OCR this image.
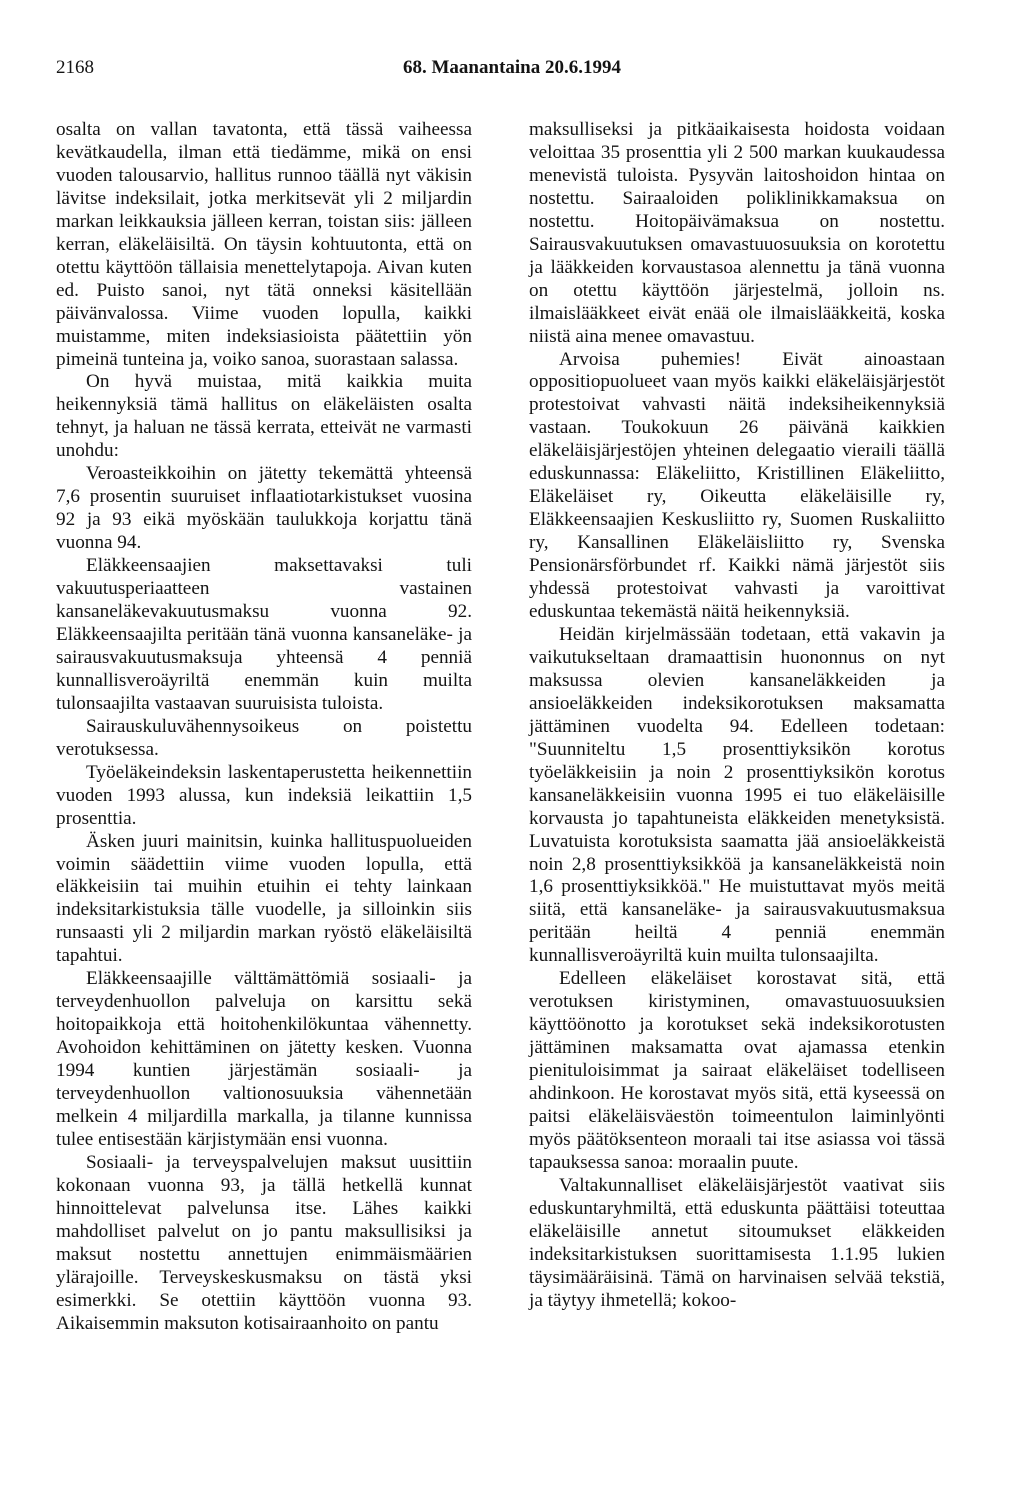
2168	68. Maanantaina 20.6.1994

osalta on vallan tavatonta, että tässä vaiheessa kevätkaudella, ilman että tiedämme, mikä on ensi vuoden talousarvio, hallitus runnoo täällä nyt väkisin lävitse indeksilait, jotka merkitsevät yli 2 miljardin markan leikkauksia jälleen kerran, toistan siis: jälleen kerran, eläkeläisiltä. On täysin kohtuutonta, että on otettu käyttöön tällaisia menettelytapoja. Aivan kuten ed. Puisto sanoi, nyt tätä onneksi käsitellään päivänvalossa. Viime vuoden lopulla, kaikki muistamme, miten indeksiasioista päätettiin yön pimeinä tunteina ja, voiko sanoa, suorastaan salassa.

On hyvä muistaa, mitä kaikkia muita heikennyksiä tämä hallitus on eläkeläisten osalta tehnyt, ja haluan ne tässä kerrata, etteivät ne varmasti unohdu:

Veroasteikkoihin on jätetty tekemättä yhteensä 7,6 prosentin suuruiset inflaatiotarkistukset vuosina 92 ja 93 eikä myöskään taulukkoja korjattu tänä vuonna 94.

Eläkkeensaajien maksettavaksi tuli vakuutusperiaatteen vastainen kansaneläkevakuutusmaksu vuonna 92. Eläkkeensaajilta peritään tänä vuonna kansaneläke- ja sairausvakuutusmaksuja yhteensä 4 penniä kunnallisveroäyriltä enemmän kuin muilta tulonsaajilta vastaavan suuruisista tuloista.

Sairauskuluvähennysoikeus on poistettu verotuksessa.

Työeläkeindeksin laskentaperustetta heikennettiin vuoden 1993 alussa, kun indeksiä leikattiin 1,5 prosenttia.

Äsken juuri mainitsin, kuinka hallituspuolueiden voimin säädettiin viime vuoden lopulla, että eläkkeisiin tai muihin etuihin ei tehty lainkaan indeksitarkistuksia tälle vuodelle, ja silloinkin siis runsaasti yli 2 miljardin markan ryöstö eläkeläisiltä tapahtui.

Eläkkeensaajille välttämättömiä sosiaali- ja terveydenhuollon palveluja on karsittu sekä hoitopaikkoja että hoitohenkilökuntaa vähennetty. Avohoidon kehittäminen on jätetty kesken. Vuonna 1994 kuntien järjestämän sosiaali- ja terveydenhuollon valtionosuuksia vähennetään melkein 4 miljardilla markalla, ja tilanne kunnissa tulee entisestään kärjistymään ensi vuonna.

Sosiaali- ja terveyspalvelujen maksut uusittiin kokonaan vuonna 93, ja tällä hetkellä kunnat hinnoittelevat palvelunsa itse. Lähes kaikki mahdolliset palvelut on jo pantu maksullisiksi ja maksut nostettu annettujen enimmäismäärien ylärajoille. Terveyskeskusmaksu on tästä yksi esimerkki. Se otettiin käyttöön vuonna 93. Aikaisemmin maksuton kotisairaanhoito on pantu

maksulliseksi ja pitkäaikaisesta hoidosta voidaan veloittaa 35 prosenttia yli 2 500 markan kuukaudessa menevistä tuloista. Pysyvän laitoshoidon hintaa on nostettu. Sairaaloiden poliklinikkamaksua on nostettu. Hoitopäivämaksua on nostettu. Sairausvakuutuksen omavastuuosuuksia on korotettu ja lääkkeiden korvaustasoa alennettu ja tänä vuonna on otettu käyttöön järjestelmä, jolloin ns. ilmaislääkkeet eivät enää ole ilmaislääkkeitä, koska niistä aina menee omavastuu.

Arvoisa puhemies! Eivät ainoastaan oppositiopuolueet vaan myös kaikki eläkeläisjärjestöt protestoivat vahvasti näitä indeksiheikennyksiä vastaan. Toukokuun 26 päivänä kaikkien eläkeläisjärjestöjen yhteinen delegaatio vieraili täällä eduskunnassa: Eläkeliitto, Kristillinen Eläkeliitto, Eläkeläiset ry, Oikeutta eläkeläisille ry, Eläkkeensaajien Keskusliitto ry, Suomen Ruskaliitto ry, Kansallinen Eläkeläisliitto ry, Svenska Pensionärsförbundet rf. Kaikki nämä järjestöt siis yhdessä protestoivat vahvasti ja varoittivat eduskuntaa tekemästä näitä heikennyksiä.

Heidän kirjelmässään todetaan, että vakavin ja vaikutukseltaan dramaattisin huononnus on nyt maksussa olevien kansaneläkkeiden ja ansioeläkkeiden indeksikorotuksen maksamatta jättäminen vuodelta 94. Edelleen todetaan: "Suunniteltu 1,5 prosenttiyksikön korotus työeläkkeisiin ja noin 2 prosenttiyksikön korotus kansaneläkkeisiin vuonna 1995 ei tuo eläkeläisille korvausta jo tapahtuneista eläkkeiden menetyksistä. Luvatuista korotuksista saamatta jää ansioeläkkeistä noin 2,8 prosenttiyksikköä ja kansaneläkkeistä noin 1,6 prosenttiyksikköä." He muistuttavat myös meitä siitä, että kansaneläke- ja sairausvakuutusmaksua peritään heiltä 4 penniä enemmän kunnallisveroäyriltä kuin muilta tulonsaajilta.

Edelleen eläkeläiset korostavat sitä, että verotuksen kiristyminen, omavastuuosuuksien käyttöönotto ja korotukset sekä indeksikorotusten jättäminen maksamatta ovat ajamassa etenkin pienituloisimmat ja sairaat eläkeläiset todelliseen ahdinkoon. He korostavat myös sitä, että kyseessä on paitsi eläkeläisväestön toimeentulon laiminlyönti myös päätöksenteon moraali tai itse asiassa voi tässä tapauksessa sanoa: moraalin puute.

Valtakunnalliset eläkeläisjärjestöt vaativat siis eduskuntaryhmiltä, että eduskunta päättäisi toteuttaa eläkeläisille annetut sitoumukset eläkkeiden indeksitarkistuksen suorittamisesta 1.1.95 lukien täysimääräisinä. Tämä on harvinaisen selvää tekstiä, ja täytyy ihmetellä; kokoo-
